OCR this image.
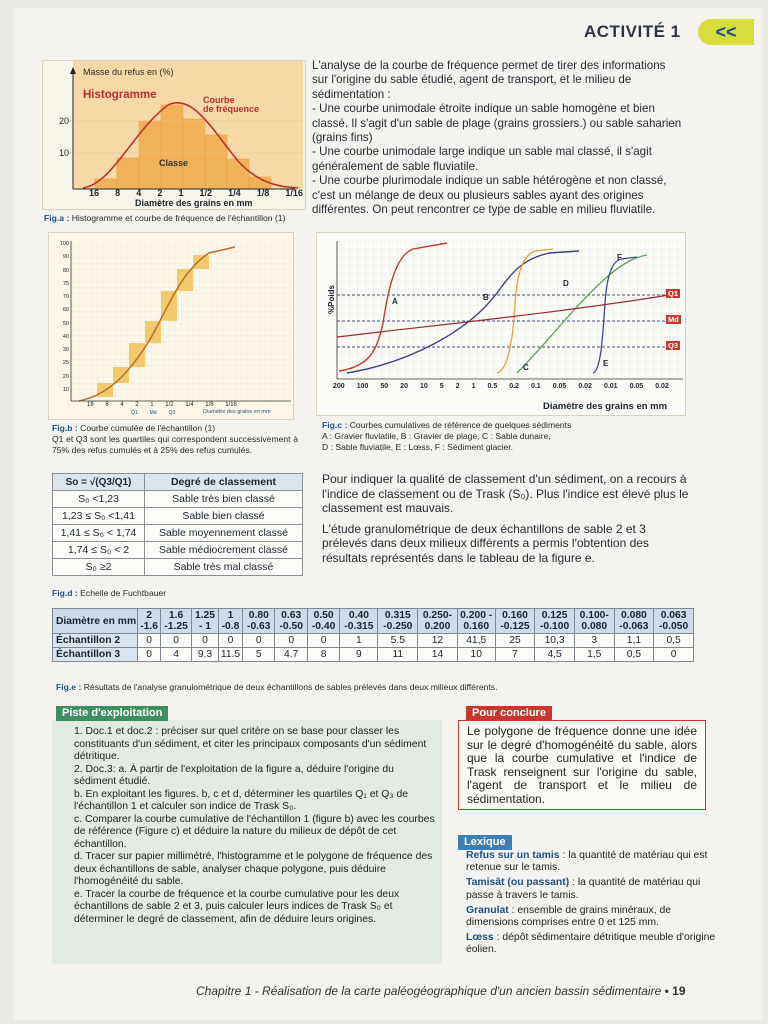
ACTIVITÉ 1	<<
Masse du refus en (%)
Histogramme	Courbe
de fréquence
Classe
20
10
16 8 4 2 1 1/2 1/4 1/8 1/16
Diamètre des grains en mm
Fig.a : Histogramme et courbe de fréquence de l'échantillon (1)

L'analyse de la courbe de fréquence permet de tirer des informations sur l'origine du sable étudié, agent de transport, et le milieu de sédimentation :

- Une courbe unimodale étroite indique un sable homogène et bien classé. Il s'agit d'un sable de plage (grains grossiers.) ou sable saharien (grains fins)

- Une courbe unimodale large indique un sable mal classé, il s'agit généralement de sable fluviatile.

- Une courbe plurimodale indique un sable hétérogène et non classé, c'est un mélange de deux ou plusieurs sables ayant des origines différentes. On peut rencontrer ce type de sable en milieu fluviatile.

100
90
80
75
70
60
50
40
30
25
20
10
16 8 4 2 1 1/2 1/4 1/8 1/16
Q1 Md Q3	Diamètre des grains en mm
Fig.b : Courbe cumulée de l'échantillon (1)

Q1 et Q3 sont les quartiles qui correspondent successivement à 75% des refus cumulés et à 25% des refus cumulés.
%Poids	Q1
Md
Q3
A	B
C
D
E
F
200 100 50 20 10 5 2 1 0.5 0.2 0.1 0.05 0.02 0.01 0.05 0.02
Diamètre des grains en mm
Fig.c : Courbes cumulatives de référence de quelques sédiments
A : Gravier fluviatile, B : Gravier de plage, C : Sable dunaire,
D : Sable fluviatile, E : Lœss, F : Sédiment glacier.

Pour indiquer la qualité de classement d'un sédiment, on a recours à l'indice de classement ou de Trask (S₀). Plus l'indice est élevé plus le classement est mauvais.

L'étude granulométrique de deux échantillons de sable 2 et 3 prélevés dans deux milieux différents a permis l'obtention des résultats représentés dans le tableau de la figure e.

So = √(Q3/Q1)	Degré de classement
S₀ <1,23	Sable très bien classé
1,23 ≤ S₀ <1,41	Sable bien classé
1,41 ≤ S₀ < 1,74	Sable moyennement classé
1,74 ≤ S₀ < 2	Sable médiocrement classé
S₀ ≥2	Sable très mal classé
Fig.d : Echelle de Fuchtbauer
Diamètre en mm	2 -1.6	1.6 -1.25	1.25 - 1	1 -0.8	0.80 -0.63	0.63 -0.50	0.50 -0.40	0.40 -0.315	0.315 -0.250	0.250- 0.200	0.200 - 0.160	0.160 -0.125	0.125 -0.100	0.100- 0.080	0.080 -0.063	0.063 -0.050
Échantillon 2	0	0	0	0	0	0	0	1	5.5	12	41,5	25	10,3	3	1,1	0,5
Échantillon 3	0	4	9.3	11.5	5	4.7	8	9	11	14	10	7	4,5	1,5	0,5	0
Fig.e : Résultats de l'analyse granulométrique de deux échantillons de sables prélevés dans deux milieux différents.
Piste d'exploitation
1. Doc.1 et doc.2 : préciser sur quel critère on se base pour classer les constituants d'un sédiment, et citer les principaux composants d'un sédiment détritique.
2. Doc.3: a. À partir de l'exploitation de la figure a, déduire l'origine du sédiment étudié.
b. En exploitant les figures. b, c et d, déterminer les quartiles Q₁ et Q₃ de l'échantillon 1 et calculer son indice de Trask S₀.
c. Comparer la courbe cumulative de l'échantillon 1 (figure b) avec les courbes de référence (Figure c) et déduire la nature du milieux de dépôt de cet échantillon.
d. Tracer sur papier millimétré, l'histogramme et le polygone de fréquence des deux échantillons de sable, analyser chaque polygone, puis déduire l'homogénéité du sable.
e. Tracer la courbe de fréquence et la courbe cumulative pour les deux échantillons de sable 2 et 3, puis calculer leurs indices de Trask S₀ et déterminer le degré de classement, afin de déduire leurs origines.
Pour conclure
Le polygone de fréquence donne une idée sur le degré d'homogénéité du sable, alors que la courbe cumulative et l'indice de Trask renseignent sur l'origine du sable, l'agent de transport et le milieu de sédimentation.
Lexique
Refus sur un tamis : la quantité de matériau qui est retenue sur le tamis.
Tamisât (ou passant) : la quantité de matériau qui passe à travers le tamis.
Granulat : ensemble de grains minéraux, de dimensions comprises entre 0 et 125 mm.
Lœss : dépôt sédimentaire détritique meuble d'origine éolien.
Chapitre 1 - Réalisation de la carte paléogéographique d'un ancien bassin sédimentaire • 19
